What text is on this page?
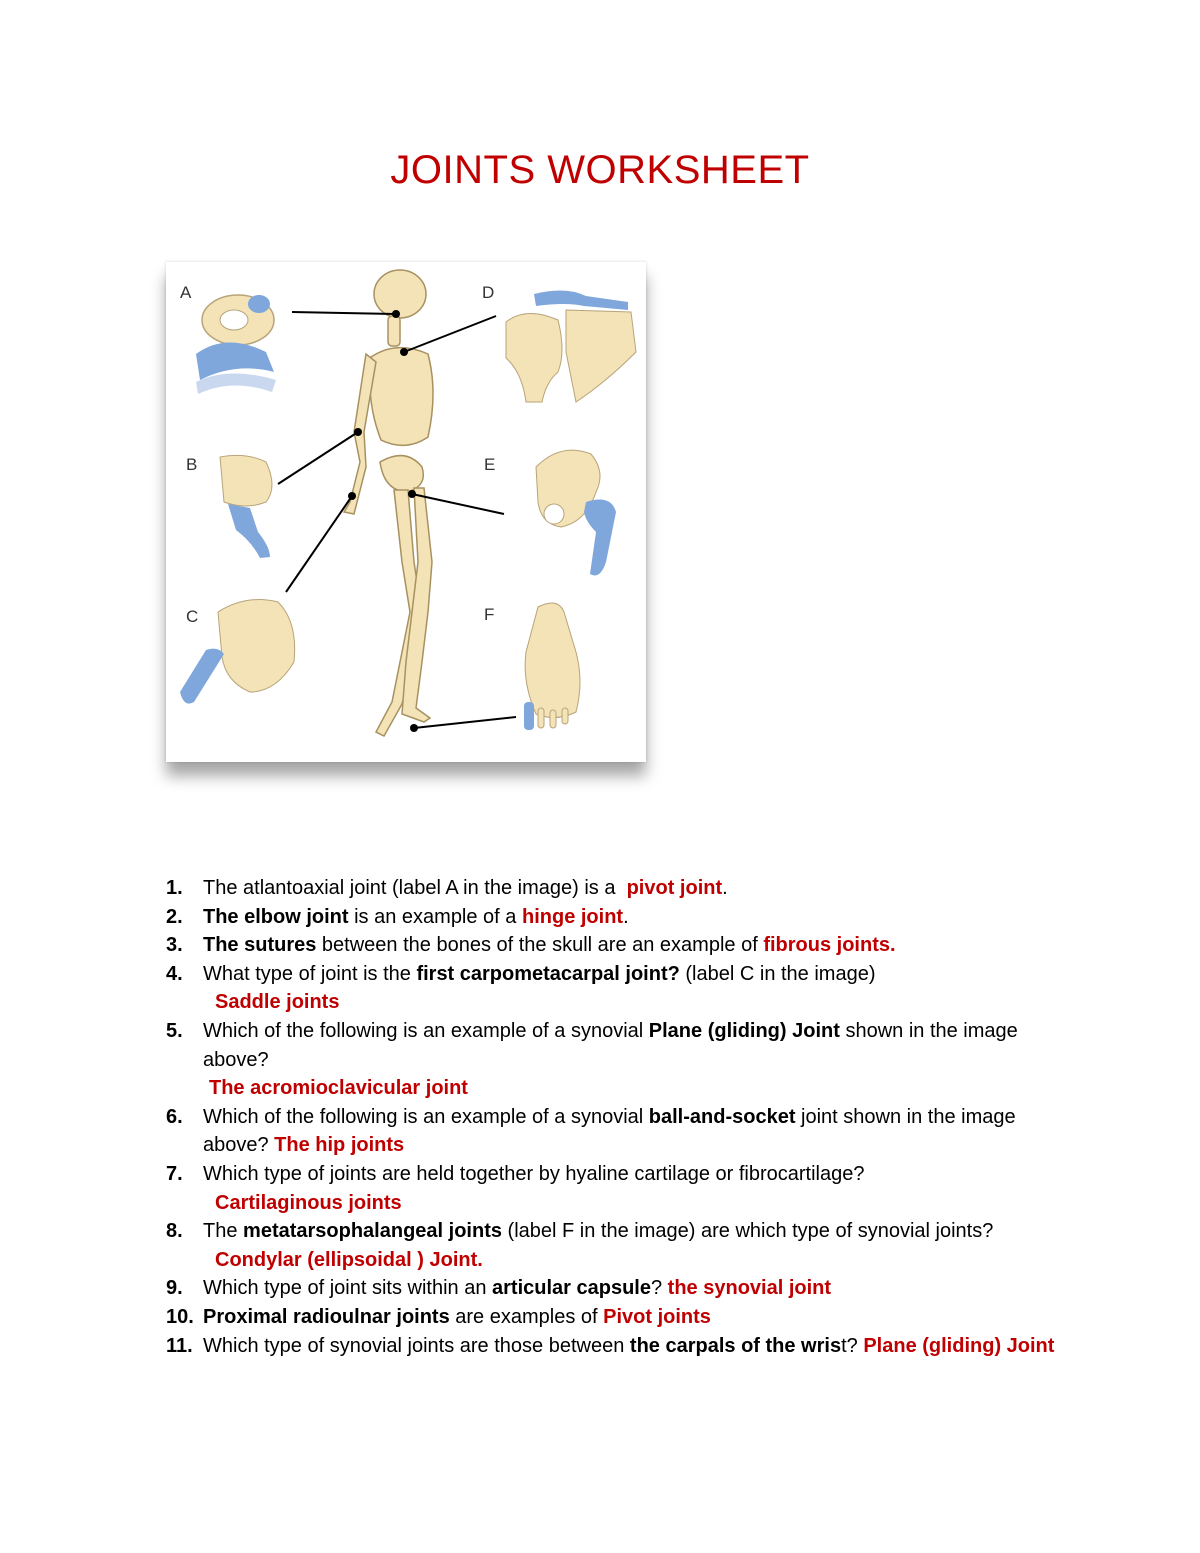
JOINTS WORKSHEET
A	D
B	E
C	F
1. The atlantoaxial joint (label A in the image) is a  pivot joint.
2. The elbow joint is an example of a hinge joint.
3. The sutures between the bones of the skull are an example of fibrous joints.
4. What type of joint is the first carpometacarpal joint? (label C in the image)
Saddle joints
5. Which of the following is an example of a synovial Plane (gliding) Joint shown in the image above?
The acromioclavicular joint
6. Which of the following is an example of a synovial ball-and-socket joint shown in the image above? The hip joints
7. Which type of joints are held together by hyaline cartilage or fibrocartilage?
Cartilaginous joints
8. The metatarsophalangeal joints (label F in the image) are which type of synovial joints?
Condylar (ellipsoidal ) Joint.
9. Which type of joint sits within an articular capsule? the synovial joint
10. Proximal radioulnar joints are examples of Pivot joints
11. Which type of synovial joints are those between the carpals of the wrist? Plane (gliding) Joint
